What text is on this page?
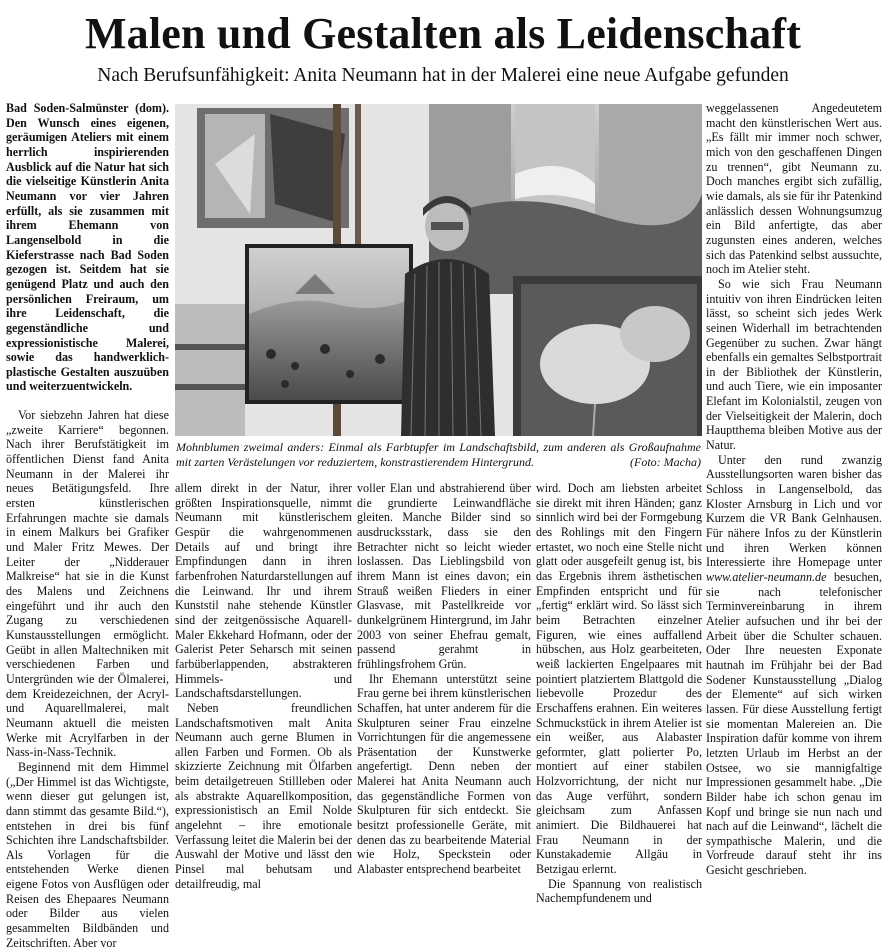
Malen und Gestalten als Leidenschaft
Nach Berufsunfähigkeit: Anita Neumann hat in der Malerei eine neue Aufgabe gefunden

Bad Soden-Salmünster (dom). Den Wunsch eines eigenen, geräumigen Ateliers mit einem herrlich inspirierenden Ausblick auf die Natur hat sich die vielseitige Künstlerin Anita Neumann vor vier Jahren erfüllt, als sie zusammen mit ihrem Ehemann von Langenselbold in die Kieferstrasse nach Bad Soden gezogen ist. Seitdem hat sie genügend Platz und auch den persönlichen Freiraum, um ihre Leidenschaft, die gegenständliche und expressionistische Malerei, sowie das handwerklich-plastische Gestalten auszuüben und weiterzuentwickeln.

Vor siebzehn Jahren hat diese „zweite Karriere“ begonnen. Nach ihrer Berufstätigkeit im öffentlichen Dienst fand Anita Neumann in der Malerei ihr neues Betätigungsfeld. Ihre ersten künstlerischen Erfahrungen machte sie damals in einem Malkurs bei Grafiker und Maler Fritz Mewes. Der Leiter der „Nidderauer Malkreise“ hat sie in die Kunst des Malens und Zeichnens eingeführt und ihr auch den Zugang zu verschiedenen Kunstausstellungen ermöglicht. Geübt in allen Maltechniken mit verschiedenen Farben und Untergründen wie der Ölmalerei, dem Kreidezeichnen, der Acryl- und Aquarellmalerei, malt Neumann aktuell die meisten Werke mit Acrylfarben in der Nass-in-Nass-Technik.

Beginnend mit dem Himmel („Der Himmel ist das Wichtigste, wenn dieser gut gelungen ist, dann stimmt das gesamte Bild.“), entstehen in drei bis fünf Schichten ihre Landschaftsbilder. Als Vorlagen für die entstehenden Werke dienen eigene Fotos von Ausflügen oder Reisen des Ehepaares Neumann oder Bilder aus vielen gesammelten Bildbänden und Zeitschriften. Aber vor

Mohnblumen zweimal anders: Einmal als Farbtupfer im Landschaftsbild, zum anderen als Großaufnahme mit zarten Verästelungen vor reduziertem, konstrastierendem Hintergrund.	(Foto: Macha)

allem direkt in der Natur, ihrer größten Inspirationsquelle, nimmt Neumann mit künstlerischem Gespür die wahrgenommenen Details auf und bringt ihre Empfindungen dann in ihren farbenfrohen Naturdarstellungen auf die Leinwand. Ihr und ihrem Kunststil nahe stehende Künstler sind der zeitgenössische Aquarell-Maler Ekkehard Hofmann, oder der Galerist Peter Seharsch mit seinen farbüberlappenden, abstrakteren Himmels- und Landschaftsdarstellungen.

Neben freundlichen Landschaftsmotiven malt Anita Neumann auch gerne Blumen in allen Farben und Formen. Ob als skizzierte Zeichnung mit Ölfarben beim detailgetreuen Stillleben oder als abstrakte Aquarellkomposition, expressionistisch an Emil Nolde angelehnt – ihre emotionale Verfassung leitet die Malerin bei der Auswahl der Motive und lässt den Pinsel mal behutsam und detailfreudig, mal

voller Elan und abstrahierend über die grundierte Leinwandfläche gleiten. Manche Bilder sind so ausdrucksstark, dass sie den Betrachter nicht so leicht wieder loslassen. Das Lieblingsbild von ihrem Mann ist eines davon; ein Strauß weißen Flieders in einer Glasvase, mit Pastellkreide vor dunkelgrünem Hintergrund, im Jahr 2003 von seiner Ehefrau gemalt, passend gerahmt in frühlingsfrohem Grün.

Ihr Ehemann unterstützt seine Frau gerne bei ihrem künstlerischen Schaffen, hat unter anderem für die Skulpturen seiner Frau einzelne Vorrichtungen für die angemessene Präsentation der Kunstwerke angefertigt. Denn neben der Malerei hat Anita Neumann auch das gegenständliche Formen von Skulpturen für sich entdeckt. Sie besitzt professionelle Geräte, mit denen das zu bearbeitende Material wie Holz, Speckstein oder Alabaster entsprechend bearbeitet

wird. Doch am liebsten arbeitet sie direkt mit ihren Händen; ganz sinnlich wird bei der Formgebung des Rohlings mit den Fingern ertastet, wo noch eine Stelle nicht glatt oder ausgefeilt genug ist, bis das Ergebnis ihrem ästhetischen Empfinden entspricht und für „fertig“ erklärt wird. So lässt sich beim Betrachten einzelner Figuren, wie eines auffallend hübschen, aus Holz gearbeiteten, weiß lackierten Engelpaares mit pointiert platziertem Blattgold die liebevolle Prozedur des Erschaffens erahnen. Ein weiteres Schmuckstück in ihrem Atelier ist ein weißer, aus Alabaster geformter, glatt polierter Po, montiert auf einer stabilen Holzvorrichtung, der nicht nur das Auge verführt, sondern gleichsam zum Anfassen animiert. Die Bildhauerei hat Frau Neumann in der Kunstakademie Allgäu in Betzigau erlernt.

Die Spannung von realistisch Nachempfundenem und

weggelassenen Angedeutetem macht den künstlerischen Wert aus. „Es fällt mir immer noch schwer, mich von den geschaffenen Dingen zu trennen“, gibt Neumann zu. Doch manches ergibt sich zufällig, wie damals, als sie für ihr Patenkind anlässlich dessen Wohnungsumzug ein Bild anfertigte, das aber zugunsten eines anderen, welches sich das Patenkind selbst aussuchte, noch im Atelier steht.

So wie sich Frau Neumann intuitiv von ihren Eindrücken leiten lässt, so scheint sich jedes Werk seinen Widerhall im betrachtenden Gegenüber zu suchen. Zwar hängt ebenfalls ein gemaltes Selbstportrait in der Bibliothek der Künstlerin, und auch Tiere, wie ein imposanter Elefant im Kolonialstil, zeugen von der Vielseitigkeit der Malerin, doch Hauptthema bleiben Motive aus der Natur.

Unter den rund zwanzig Ausstellungsorten waren bisher das Schloss in Langenselbold, das Kloster Arnsburg in Lich und vor Kurzem die VR Bank Gelnhausen. Für nähere Infos zu der Künstlerin und ihren Werken können Interessierte ihre Homepage unter www.atelier-neumann.de besuchen, sie nach telefonischer Terminvereinbarung in ihrem Atelier aufsuchen und ihr bei der Arbeit über die Schulter schauen. Oder Ihre neuesten Exponate hautnah im Frühjahr bei der Bad Sodener Kunstausstellung „Dialog der Elemente“ auf sich wirken lassen. Für diese Ausstellung fertigt sie momentan Malereien an. Die Inspiration dafür komme von ihrem letzten Urlaub im Herbst an der Ostsee, wo sie mannigfaltige Impressionen gesammelt habe. „Die Bilder habe ich schon genau im Kopf und bringe sie nun nach und nach auf die Leinwand“, lächelt die sympathische Malerin, und die Vorfreude darauf steht ihr ins Gesicht geschrieben.
